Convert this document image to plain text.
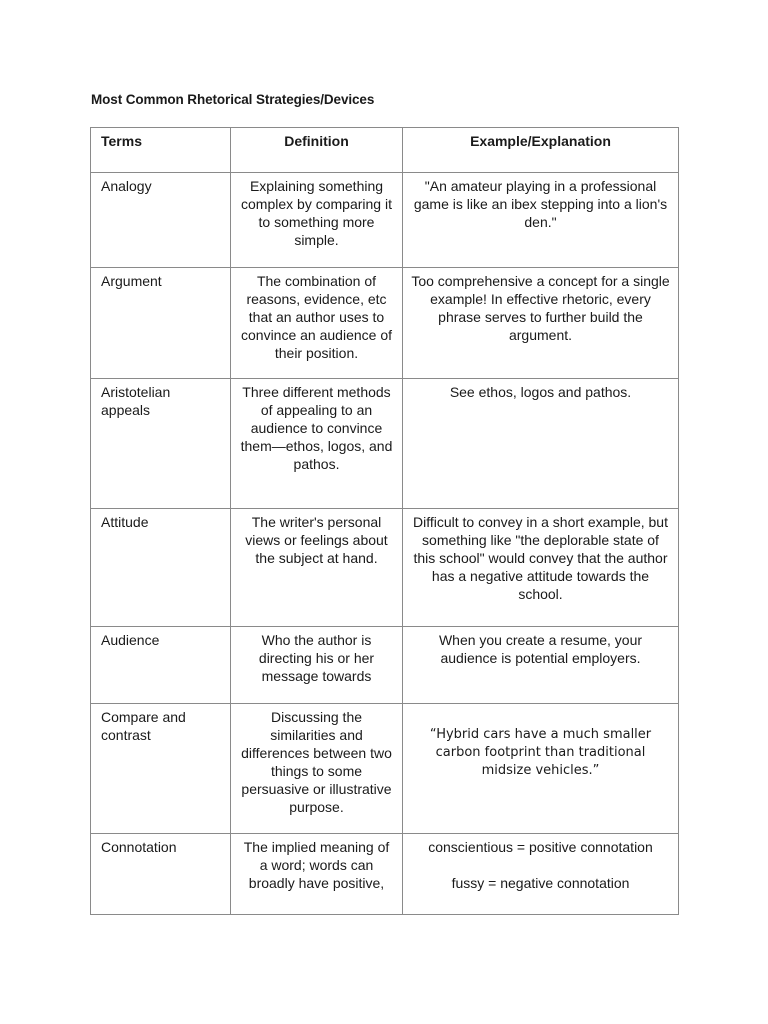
Most Common Rhetorical Strategies/Devices
Terms	Definition	Example/Explanation
Analogy	Explaining something complex by comparing it to something more simple.	"An amateur playing in a professional game is like an ibex stepping into a lion's den."
Argument	The combination of reasons, evidence, etc that an author uses to convince an audience of their position.	Too comprehensive a concept for a single example! In effective rhetoric, every phrase serves to further build the argument.
Aristotelian appeals	Three different methods of appealing to an audience to convince them—ethos, logos, and pathos.	See ethos, logos and pathos.
Attitude	The writer's personal views or feelings about the subject at hand.	Difficult to convey in a short example, but something like "the deplorable state of this school" would convey that the author has a negative attitude towards the school.
Audience	Who the author is directing his or her message towards	When you create a resume, your audience is potential employers.
Compare and contrast	Discussing the similarities and differences between two things to some persuasive or illustrative purpose.	“Hybrid cars have a much smaller carbon footprint than traditional midsize vehicles.”
Connotation	The implied meaning of a word; words can broadly have positive,	conscientious = positive connotation
fussy = negative connotation
